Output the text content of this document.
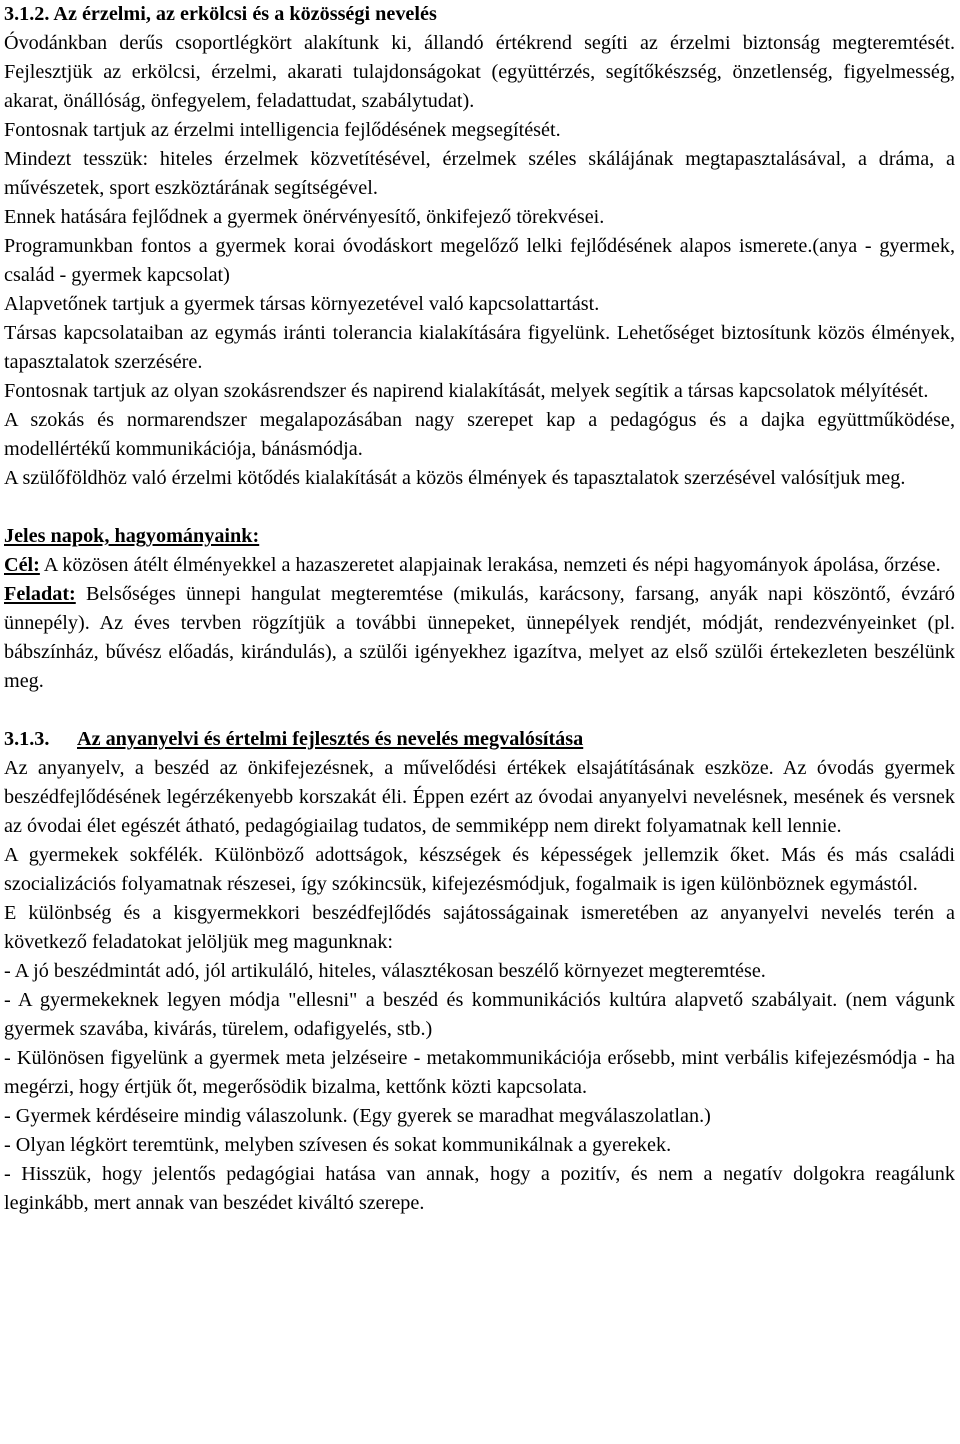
3.1.2. Az érzelmi, az erkölcsi és a közösségi nevelés

Óvodánkban derűs csoportlégkört alakítunk ki, állandó értékrend segíti az érzelmi biztonság megteremtését. Fejlesztjük az erkölcsi, érzelmi, akarati tulajdonságokat (együttérzés, segítőkészség, önzetlenség, figyelmesség, akarat, önállóság, önfegyelem, feladattudat, szabálytudat).

Fontosnak tartjuk az érzelmi intelligencia fejlődésének megsegítését.

Mindezt tesszük: hiteles érzelmek közvetítésével, érzelmek széles skálájának megtapasztalásával, a dráma, a művészetek, sport eszköztárának segítségével.

Ennek hatására fejlődnek a gyermek önérvényesítő, önkifejező törekvései.

Programunkban fontos a gyermek korai óvodáskort megelőző lelki fejlődésének alapos ismerete.(anya - gyermek, család - gyermek kapcsolat)

Alapvetőnek tartjuk a gyermek társas környezetével való kapcsolattartást.

Társas kapcsolataiban az egymás iránti tolerancia kialakítására figyelünk. Lehetőséget biztosítunk közös élmények, tapasztalatok szerzésére.

Fontosnak tartjuk az olyan szokásrendszer és napirend kialakítását, melyek segítik a társas kapcsolatok mélyítését.

A szokás és normarendszer megalapozásában nagy szerepet kap a pedagógus és a dajka együttműködése, modellértékű kommunikációja, bánásmódja.

A szülőföldhöz való érzelmi kötődés kialakítását a közös élmények és tapasztalatok szerzésével valósítjuk meg.

Jeles napok, hagyományaink:

Cél: A közösen átélt élményekkel a hazaszeretet alapjainak lerakása, nemzeti és népi hagyományok ápolása, őrzése.

Feladat: Belsőséges ünnepi hangulat megteremtése (mikulás, karácsony, farsang, anyák napi köszöntő, évzáró ünnepély). Az éves tervben rögzítjük a további ünnepeket, ünnepélyek rendjét, módját, rendezvényeinket (pl. bábszínház, bűvész előadás, kirándulás), a szülői igényekhez igazítva, melyet az első szülői értekezleten beszélünk meg.

3.1.3. Az anyanyelvi és értelmi fejlesztés és nevelés megvalósítása

Az anyanyelv, a beszéd az önkifejezésnek, a művelődési értékek elsajátításának eszköze. Az óvodás gyermek beszédfejlődésének legérzékenyebb korszakát éli. Éppen ezért az óvodai anyanyelvi nevelésnek, mesének és versnek az óvodai élet egészét átható, pedagógiailag tudatos, de semmiképp nem direkt folyamatnak kell lennie.

A gyermekek sokfélék. Különböző adottságok, készségek és képességek jellemzik őket. Más és más családi szocializációs folyamatnak részesei, így szókincsük, kifejezésmódjuk, fogalmaik is igen különböznek egymástól.

E különbség és a kisgyermekkori beszédfejlődés sajátosságainak ismeretében az anyanyelvi nevelés terén a következő feladatokat jelöljük meg magunknak:

- A jó beszédmintát adó, jól artikuláló, hiteles, választékosan beszélő környezet megteremtése.

- A gyermekeknek legyen módja "ellesni" a beszéd és kommunikációs kultúra alapvető szabályait. (nem vágunk gyermek szavába, kivárás, türelem, odafigyelés, stb.)

- Különösen figyelünk a gyermek meta jelzéseire - metakommunikációja erősebb, mint verbális kifejezésmódja - ha megérzi, hogy értjük őt, megerősödik bizalma, kettőnk közti kapcsolata.

- Gyermek kérdéseire mindig válaszolunk. (Egy gyerek se maradhat megválaszolatlan.)

- Olyan légkört teremtünk, melyben szívesen és sokat kommunikálnak a gyerekek.

- Hisszük, hogy jelentős pedagógiai hatása van annak, hogy a pozitív, és nem a negatív dolgokra reagálunk leginkább, mert annak van beszédet kiváltó szerepe.
